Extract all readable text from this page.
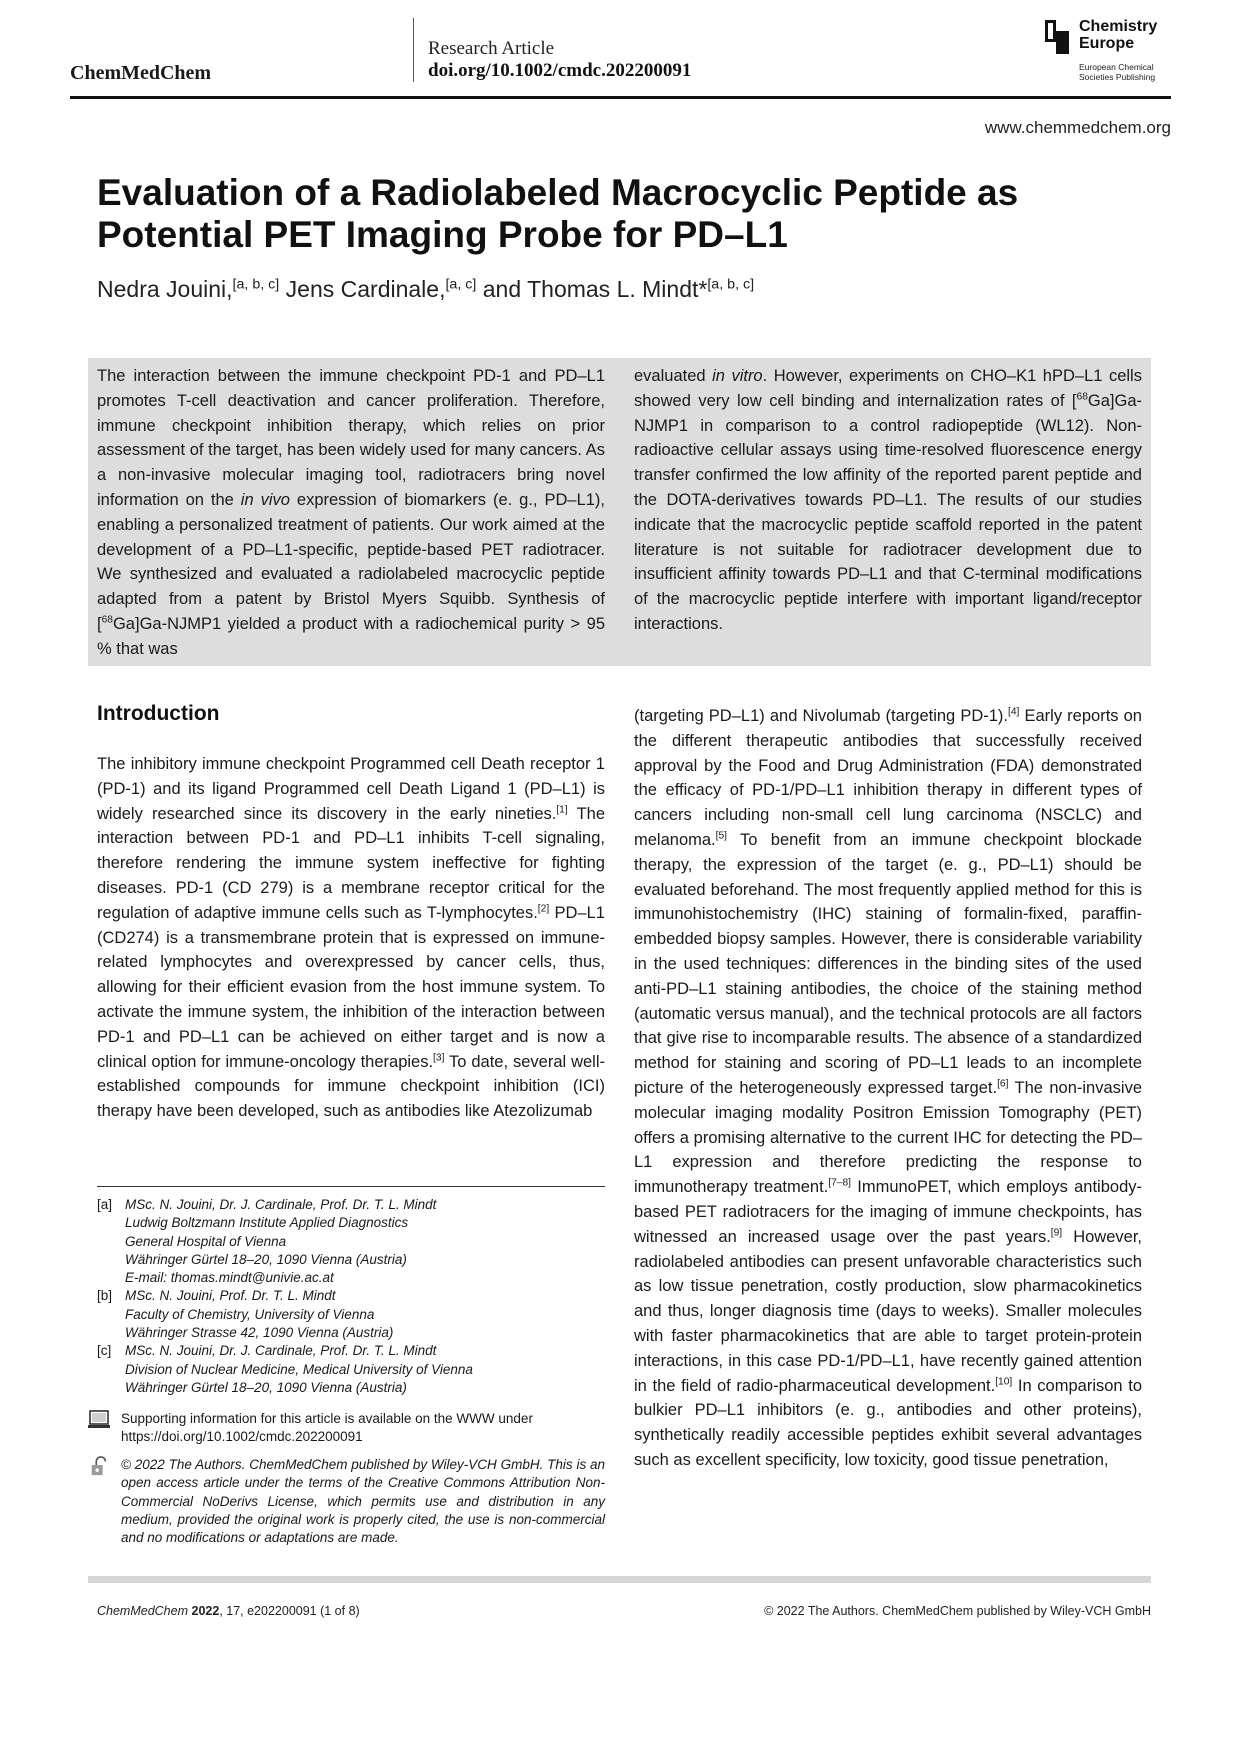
ChemMedChem
Research Article
doi.org/10.1002/cmdc.202200091
Chemistry
Europe
European Chemical
Societies Publishing
www.chemmedchem.org
Evaluation of a Radiolabeled Macrocyclic Peptide as
Potential PET Imaging Probe for PD–L1
Nedra Jouini,[a, b, c] Jens Cardinale,[a, c] and Thomas L. Mindt*[a, b, c]
The interaction between the immune checkpoint PD-1 and PD–L1 promotes T-cell deactivation and cancer proliferation. Therefore, immune checkpoint inhibition therapy, which relies on prior assessment of the target, has been widely used for many cancers. As a non-invasive molecular imaging tool, radiotracers bring novel information on the in vivo expression of biomarkers (e. g., PD–L1), enabling a personalized treatment of patients. Our work aimed at the development of a PD–L1-specific, peptide-based PET radiotracer. We synthesized and evaluated a radiolabeled macrocyclic peptide adapted from a patent by Bristol Myers Squibb. Synthesis of [$^{68}$Ga]Ga-NJMP1 yielded a product with a radiochemical purity > 95 % that was
evaluated in vitro. However, experiments on CHO–K1 hPD–L1 cells showed very low cell binding and internalization rates of [$^{68}$Ga]Ga-NJMP1 in comparison to a control radiopeptide (WL12). Non-radioactive cellular assays using time-resolved fluorescence energy transfer confirmed the low affinity of the reported parent peptide and the DOTA-derivatives towards PD–L1. The results of our studies indicate that the macrocyclic peptide scaffold reported in the patent literature is not suitable for radiotracer development due to insufficient affinity towards PD–L1 and that C-terminal modifications of the macrocyclic peptide interfere with important ligand/receptor interactions.
Introduction
The inhibitory immune checkpoint Programmed cell Death receptor 1 (PD-1) and its ligand Programmed cell Death Ligand 1 (PD–L1) is widely researched since its discovery in the early nineties.[1] The interaction between PD-1 and PD–L1 inhibits T-cell signaling, therefore rendering the immune system ineffective for fighting diseases. PD-1 (CD 279) is a membrane receptor critical for the regulation of adaptive immune cells such as T-lymphocytes.[2] PD–L1 (CD274) is a transmembrane protein that is expressed on immune-related lymphocytes and overexpressed by cancer cells, thus, allowing for their efficient evasion from the host immune system. To activate the immune system, the inhibition of the interaction between PD-1 and PD–L1 can be achieved on either target and is now a clinical option for immune-oncology therapies.[3] To date, several well-established compounds for immune checkpoint inhibition (ICI) therapy have been developed, such as antibodies like Atezolizumab
(targeting PD–L1) and Nivolumab (targeting PD-1).[4] Early reports on the different therapeutic antibodies that successfully received approval by the Food and Drug Administration (FDA) demonstrated the efficacy of PD-1/PD–L1 inhibition therapy in different types of cancers including non-small cell lung carcinoma (NSCLC) and melanoma.[5] To benefit from an immune checkpoint blockade therapy, the expression of the target (e. g., PD–L1) should be evaluated beforehand. The most frequently applied method for this is immunohistochemistry (IHC) staining of formalin-fixed, paraffin-embedded biopsy samples. However, there is considerable variability in the used techniques: differences in the binding sites of the used anti-PD–L1 staining antibodies, the choice of the staining method (automatic versus manual), and the technical protocols are all factors that give rise to incomparable results. The absence of a standardized method for staining and scoring of PD–L1 leads to an incomplete picture of the heterogeneously expressed target.[6] The non-invasive molecular imaging modality Positron Emission Tomography (PET) offers a promising alternative to the current IHC for detecting the PD–L1 expression and therefore predicting the response to immunotherapy treatment.[7–8] ImmunoPET, which employs antibody-based PET radiotracers for the imaging of immune checkpoints, has witnessed an increased usage over the past years.[9] However, radiolabeled antibodies can present unfavorable characteristics such as low tissue penetration, costly production, slow pharmacokinetics and thus, longer diagnosis time (days to weeks). Smaller molecules with faster pharmacokinetics that are able to target protein-protein interactions, in this case PD-1/PD–L1, have recently gained attention in the field of radio-pharmaceutical development.[10] In comparison to bulkier PD–L1 inhibitors (e. g., antibodies and other proteins), synthetically readily accessible peptides exhibit several advantages such as excellent specificity, low toxicity, good tissue penetration,
[a] MSc. N. Jouini, Dr. J. Cardinale, Prof. Dr. T. L. Mindt
Ludwig Boltzmann Institute Applied Diagnostics
General Hospital of Vienna
Währinger Gürtel 18–20, 1090 Vienna (Austria)
E-mail: thomas.mindt@univie.ac.at
[b] MSc. N. Jouini, Prof. Dr. T. L. Mindt
Faculty of Chemistry, University of Vienna
Währinger Strasse 42, 1090 Vienna (Austria)
[c] MSc. N. Jouini, Dr. J. Cardinale, Prof. Dr. T. L. Mindt
Division of Nuclear Medicine, Medical University of Vienna
Währinger Gürtel 18–20, 1090 Vienna (Austria)
Supporting information for this article is available on the WWW under https://doi.org/10.1002/cmdc.202200091
© 2022 The Authors. ChemMedChem published by Wiley-VCH GmbH. This is an open access article under the terms of the Creative Commons Attribution Non-Commercial NoDerivs License, which permits use and distribution in any medium, provided the original work is properly cited, the use is non-commercial and no modifications or adaptations are made.
ChemMedChem 2022, 17, e202200091 (1 of 8)	© 2022 The Authors. ChemMedChem published by Wiley-VCH GmbH
